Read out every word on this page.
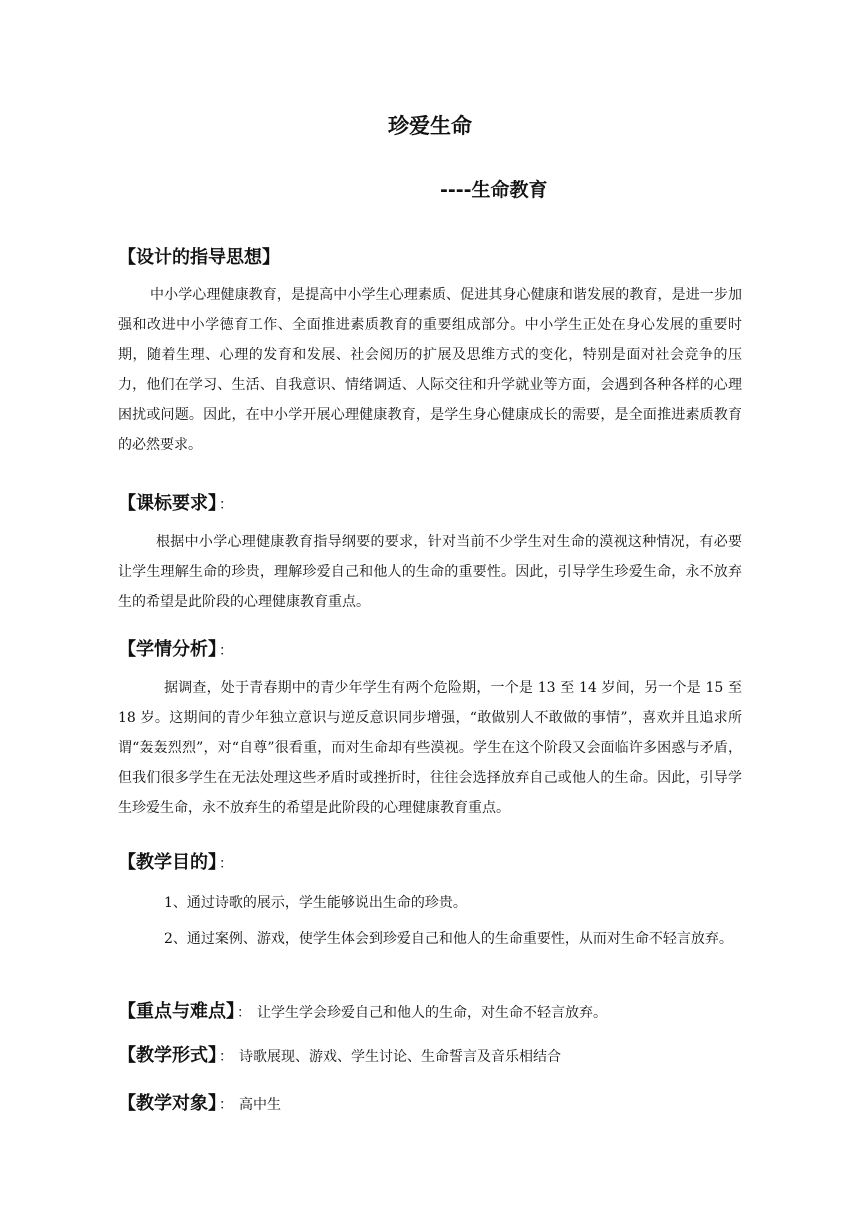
珍爱生命
----生命教育
【设计的指导思想】
中小学心理健康教育，是提高中小学生心理素质、促进其身心健康和谐发展的教育，是进一步加强和改进中小学德育工作、全面推进素质教育的重要组成部分。中小学生正处在身心发展的重要时期，随着生理、心理的发育和发展、社会阅历的扩展及思维方式的变化，特别是面对社会竞争的压力，他们在学习、生活、自我意识、情绪调适、人际交往和升学就业等方面，会遇到各种各样的心理困扰或问题。因此，在中小学开展心理健康教育，是学生身心健康成长的需要，是全面推进素质教育的必然要求。
【课标要求】 ：
根据中小学心理健康教育指导纲要的要求，针对当前不少学生对生命的漠视这种情况，有必要让学生理解生命的珍贵，理解珍爱自己和他人的生命的重要性。因此，引导学生珍爱生命，永不放弃生的希望是此阶段的心理健康教育重点。
【学情分析】 ：
据调查，处于青春期中的青少年学生有两个危险期，一个是 13 至 14 岁间，另一个是 15 至 18 岁。这期间的青少年独立意识与逆反意识同步增强，“敢做别人不敢做的事情”，喜欢并且追求所谓“轰轰烈烈”，对“自尊”很看重，而对生命却有些漠视。学生在这个阶段又会面临许多困惑与矛盾，但我们很多学生在无法处理这些矛盾时或挫折时，往往会选择放弃自己或他人的生命。因此，引导学生珍爱生命，永不放弃生的希望是此阶段的心理健康教育重点。
【教学目的】 ：
1、通过诗歌的展示，学生能够说出生命的珍贵。
2、通过案例、游戏，使学生体会到珍爱自己和他人的生命重要性，从而对生命不轻言放弃。
【重点与难点】 ： 让学生学会珍爱自己和他人的生命，对生命不轻言放弃。
【教学形式】 ： 诗歌展现、游戏、学生讨论、生命誓言及音乐相结合
【教学对象】 ： 高中生
